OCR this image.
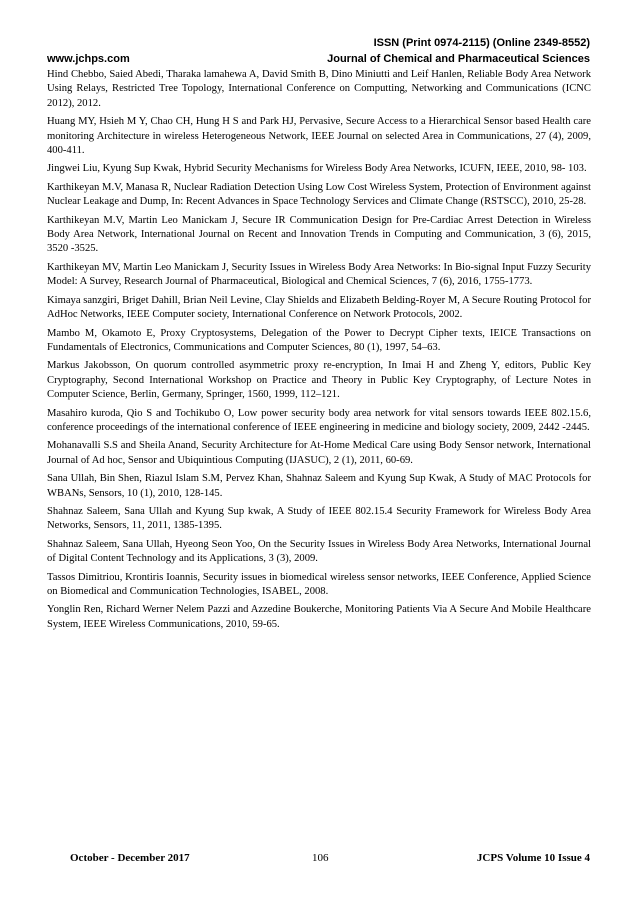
ISSN (Print 0974-2115) (Online 2349-8552)
www.jchps.com	Journal of Chemical and Pharmaceutical Sciences

Hind Chebbo, Saied Abedi, Tharaka lamahewa A, David Smith B, Dino Miniutti and Leif Hanlen, Reliable Body Area Network Using Relays, Restricted Tree Topology, International Conference on Computting, Networking and Communications (ICNC 2012), 2012.

Huang MY, Hsieh M Y, Chao CH, Hung H S and Park HJ, Pervasive, Secure Access to a Hierarchical Sensor based Health care monitoring Architecture in wireless Heterogeneous Network, IEEE Journal on selected Area in Communications, 27 (4), 2009, 400-411.

Jingwei Liu, Kyung Sup Kwak, Hybrid Security Mechanisms for Wireless Body Area Networks, ICUFN, IEEE, 2010, 98- 103.

Karthikeyan M.V, Manasa R, Nuclear Radiation Detection Using Low Cost Wireless System, Protection of Environment against Nuclear Leakage and Dump, In: Recent Advances in Space Technology Services and Climate Change (RSTSCC), 2010, 25-28.

Karthikeyan M.V, Martin Leo Manickam J, Secure IR Communication Design for Pre-Cardiac Arrest Detection in Wireless Body Area Network, International Journal on Recent and Innovation Trends in Computing and Communication, 3 (6), 2015, 3520 -3525.

Karthikeyan MV, Martin Leo Manickam J, Security Issues in Wireless Body Area Networks: In Bio-signal Input Fuzzy Security Model: A Survey, Research Journal of Pharmaceutical, Biological and Chemical Sciences, 7 (6), 2016, 1755-1773.

Kimaya sanzgiri, Briget Dahill, Brian Neil Levine, Clay Shields and Elizabeth Belding-Royer M, A Secure Routing Protocol for AdHoc Networks, IEEE Computer society, International Conference on Network Protocols, 2002.

Mambo M, Okamoto E, Proxy Cryptosystems, Delegation of the Power to Decrypt Cipher texts, IEICE Transactions on Fundamentals of Electronics, Communications and Computer Sciences, 80 (1), 1997, 54–63.

Markus Jakobsson, On quorum controlled asymmetric proxy re-encryption, In Imai H and Zheng Y, editors, Public Key Cryptography, Second International Workshop on Practice and Theory in Public Key Cryptography, of Lecture Notes in Computer Science, Berlin, Germany, Springer, 1560, 1999, 112–121.

Masahiro kuroda, Qio S and Tochikubo O, Low power security body area network for vital sensors towards IEEE 802.15.6, conference proceedings of the international conference of IEEE engineering in medicine and biology society, 2009, 2442 -2445.

Mohanavalli S.S and Sheila Anand, Security Architecture for At-Home Medical Care using Body Sensor network, International Journal of Ad hoc, Sensor and Ubiquintious Computing (IJASUC), 2 (1), 2011, 60-69.

Sana Ullah, Bin Shen, Riazul Islam S.M, Pervez Khan, Shahnaz Saleem and Kyung Sup Kwak, A Study of MAC Protocols for WBANs, Sensors, 10 (1), 2010, 128-145.

Shahnaz Saleem, Sana Ullah and Kyung Sup kwak, A Study of IEEE 802.15.4 Security Framework for Wireless Body Area Networks, Sensors, 11, 2011, 1385-1395.

Shahnaz Saleem, Sana Ullah, Hyeong Seon Yoo, On the Security Issues in Wireless Body Area Networks, International Journal of Digital Content Technology and its Applications, 3 (3), 2009.

Tassos Dimitriou, Krontiris Ioannis, Security issues in biomedical wireless sensor networks, IEEE Conference, Applied Science on Biomedical and Communication Technologies, ISABEL, 2008.

Yonglin Ren, Richard Werner Nelem Pazzi and Azzedine Boukerche, Monitoring Patients Via A Secure And Mobile Healthcare System, IEEE Wireless Communications, 2010, 59-65.

October - December 2017	106	JCPS Volume 10 Issue 4
